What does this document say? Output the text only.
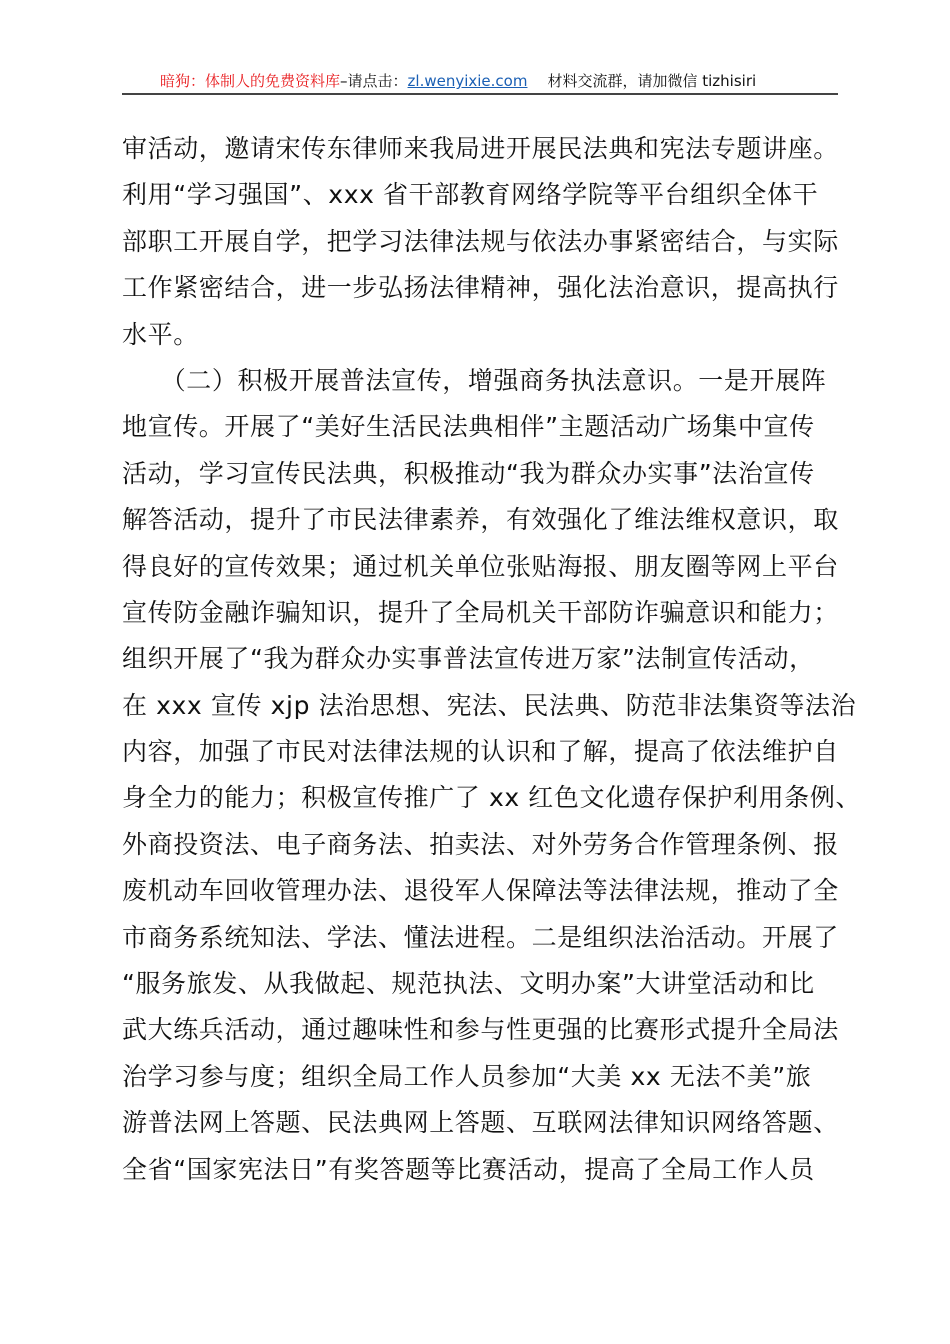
暗狗：体制人的免费资料库–请点击：zl.wenyixie.com 材料交流群，请加微信 tizhisiri
审活动，邀请宋传东律师来我局进开展民法典和宪法专题讲座。
利用“学习强国”、xxx 省干部教育网络学院等平台组织全体干
部职工开展自学，把学习法律法规与依法办事紧密结合，与实际
工作紧密结合，进一步弘扬法律精神，强化法治意识，提高执行
水平。
　　（二）积极开展普法宣传，增强商务执法意识。一是开展阵
地宣传。开展了“美好生活民法典相伴”主题活动广场集中宣传
活动，学习宣传民法典，积极推动“我为群众办实事”法治宣传
解答活动，提升了市民法律素养，有效强化了维法维权意识，取
得良好的宣传效果；通过机关单位张贴海报、朋友圈等网上平台
宣传防金融诈骗知识，提升了全局机关干部防诈骗意识和能力；
组织开展了“我为群众办实事普法宣传进万家”法制宣传活动，
在 xxx 宣传 xjp 法治思想、宪法、民法典、防范非法集资等法治
内容，加强了市民对法律法规的认识和了解，提高了依法维护自
身全力的能力；积极宣传推广了 xx 红色文化遗存保护利用条例、
外商投资法、电子商务法、拍卖法、对外劳务合作管理条例、报
废机动车回收管理办法、退役军人保障法等法律法规，推动了全
市商务系统知法、学法、懂法进程。二是组织法治活动。开展了
“服务旅发、从我做起、规范执法、文明办案”大讲堂活动和比
武大练兵活动，通过趣味性和参与性更强的比赛形式提升全局法
治学习参与度；组织全局工作人员参加“大美 xx 无法不美”旅
游普法网上答题、民法典网上答题、互联网法律知识网络答题、
全省“国家宪法日”有奖答题等比赛活动，提高了全局工作人员
